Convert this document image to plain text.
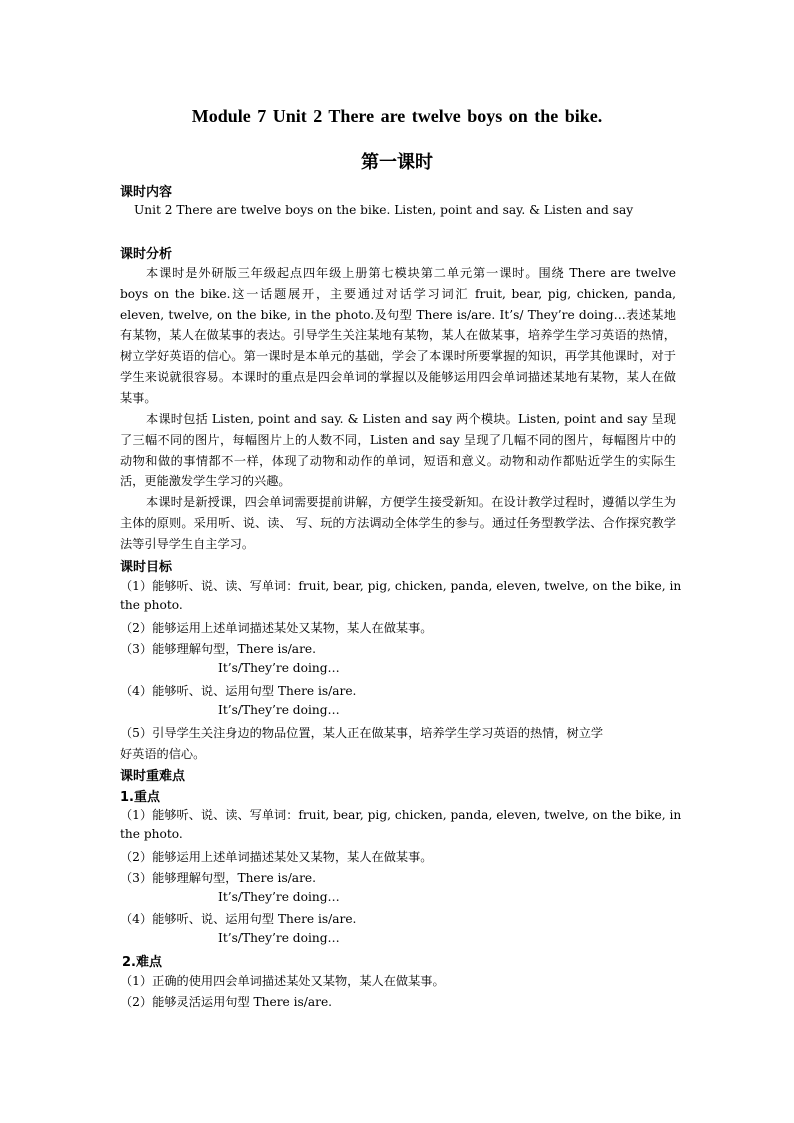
Module 7 Unit 2 There are twelve boys on the bike.
第一课时
课时内容
Unit 2 There are twelve boys on the bike. Listen, point and say. & Listen and say
课时分析
本课时是外研版三年级起点四年级上册第七模块第二单元第一课时。围绕 There are twelve boys on the bike.这一话题展开，主要通过对话学习词汇 fruit, bear, pig, chicken, panda, eleven, twelve, on the bike, in the photo.及句型 There is/are. It’s/ They’re doing…表述某地有某物，某人在做某事的表达。引导学生关注某地有某物，某人在做某事，培养学生学习英语的热情，树立学好英语的信心。第一课时是本单元的基础，学会了本课时所要掌握的知识，再学其他课时，对于学生来说就很容易。本课时的重点是四会单词的掌握以及能够运用四会单词描述某地有某物，某人在做某事。
本课时包括 Listen, point and say. & Listen and say 两个模块。Listen, point and say 呈现了三幅不同的图片，每幅图片上的人数不同，Listen and say 呈现了几幅不同的图片，每幅图片中的动物和做的事情都不一样，体现了动物和动作的单词，短语和意义。动物和动作都贴近学生的实际生活，更能激发学生学习的兴趣。
本课时是新授课，四会单词需要提前讲解，方便学生接受新知。在设计教学过程时，遵循以学生为主体的原则。采用听、说、读、 写、玩的方法调动全体学生的参与。通过任务型教学法、合作探究教学法等引导学生自主学习。
课时目标
（1）能够听、说、读、写单词：fruit, bear, pig, chicken, panda, eleven, twelve, on the bike, in
the photo.
（2）能够运用上述单词描述某处又某物，某人在做某事。
（3）能够理解句型，There is/are.
It’s/They’re doing…
（4）能够听、说、运用句型 There is/are.
It’s/They’re doing…
（5）引导学生关注身边的物品位置，某人正在做某事，培养学生学习英语的热情，树立学
好英语的信心。
课时重难点
1.重点
（1）能够听、说、读、写单词：fruit, bear, pig, chicken, panda, eleven, twelve, on the bike, in
the photo.
（2）能够运用上述单词描述某处又某物，某人在做某事。
（3）能够理解句型，There is/are.
It’s/They’re doing…
（4）能够听、说、运用句型 There is/are.
It’s/They’re doing…
2.难点
（1）正确的使用四会单词描述某处又某物，某人在做某事。
（2）能够灵活运用句型 There is/are.
